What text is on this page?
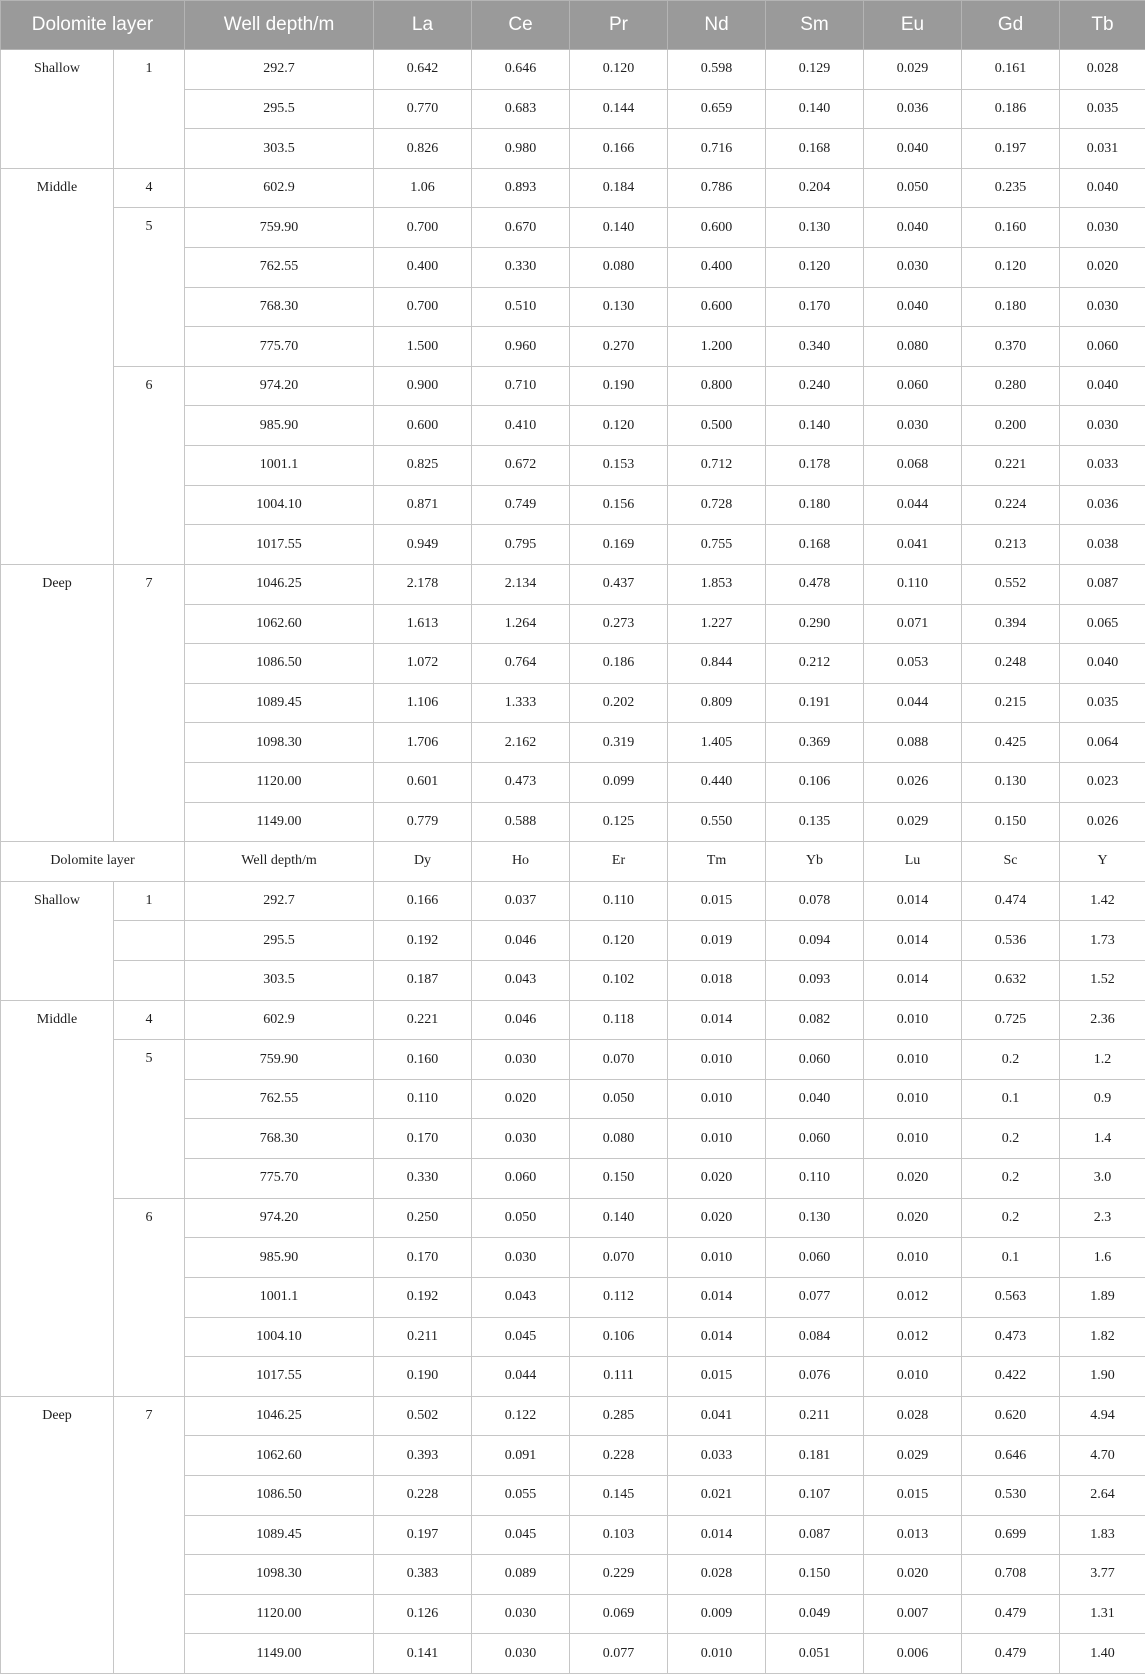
Dolomite layer		Well depth/m	La	Ce	Pr	Nd	Sm	Eu	Gd	Tb
Shallow	1	292.7	0.642	0.646	0.120	0.598	0.129	0.029	0.161	0.028
		295.5	0.770	0.683	0.144	0.659	0.140	0.036	0.186	0.035
		303.5	0.826	0.980	0.166	0.716	0.168	0.040	0.197	0.031
Middle	4	602.9	1.06	0.893	0.184	0.786	0.204	0.050	0.235	0.040
	5	759.90	0.700	0.670	0.140	0.600	0.130	0.040	0.160	0.030
		762.55	0.400	0.330	0.080	0.400	0.120	0.030	0.120	0.020
		768.30	0.700	0.510	0.130	0.600	0.170	0.040	0.180	0.030
		775.70	1.500	0.960	0.270	1.200	0.340	0.080	0.370	0.060
	6	974.20	0.900	0.710	0.190	0.800	0.240	0.060	0.280	0.040
		985.90	0.600	0.410	0.120	0.500	0.140	0.030	0.200	0.030
		1001.1	0.825	0.672	0.153	0.712	0.178	0.068	0.221	0.033
		1004.10	0.871	0.749	0.156	0.728	0.180	0.044	0.224	0.036
		1017.55	0.949	0.795	0.169	0.755	0.168	0.041	0.213	0.038
Deep	7	1046.25	2.178	2.134	0.437	1.853	0.478	0.110	0.552	0.087
		1062.60	1.613	1.264	0.273	1.227	0.290	0.071	0.394	0.065
		1086.50	1.072	0.764	0.186	0.844	0.212	0.053	0.248	0.040
		1089.45	1.106	1.333	0.202	0.809	0.191	0.044	0.215	0.035
		1098.30	1.706	2.162	0.319	1.405	0.369	0.088	0.425	0.064
		1120.00	0.601	0.473	0.099	0.440	0.106	0.026	0.130	0.023
		1149.00	0.779	0.588	0.125	0.550	0.135	0.029	0.150	0.026
Dolomite layer		Well depth/m	Dy	Ho	Er	Tm	Yb	Lu	Sc	Y
Shallow	1	292.7	0.166	0.037	0.110	0.015	0.078	0.014	0.474	1.42
		295.5	0.192	0.046	0.120	0.019	0.094	0.014	0.536	1.73
		303.5	0.187	0.043	0.102	0.018	0.093	0.014	0.632	1.52
Middle	4	602.9	0.221	0.046	0.118	0.014	0.082	0.010	0.725	2.36
	5	759.90	0.160	0.030	0.070	0.010	0.060	0.010	0.2	1.2
		762.55	0.110	0.020	0.050	0.010	0.040	0.010	0.1	0.9
		768.30	0.170	0.030	0.080	0.010	0.060	0.010	0.2	1.4
		775.70	0.330	0.060	0.150	0.020	0.110	0.020	0.2	3.0
	6	974.20	0.250	0.050	0.140	0.020	0.130	0.020	0.2	2.3
		985.90	0.170	0.030	0.070	0.010	0.060	0.010	0.1	1.6
		1001.1	0.192	0.043	0.112	0.014	0.077	0.012	0.563	1.89
		1004.10	0.211	0.045	0.106	0.014	0.084	0.012	0.473	1.82
		1017.55	0.190	0.044	0.111	0.015	0.076	0.010	0.422	1.90
Deep	7	1046.25	0.502	0.122	0.285	0.041	0.211	0.028	0.620	4.94
		1062.60	0.393	0.091	0.228	0.033	0.181	0.029	0.646	4.70
		1086.50	0.228	0.055	0.145	0.021	0.107	0.015	0.530	2.64
		1089.45	0.197	0.045	0.103	0.014	0.087	0.013	0.699	1.83
		1098.30	0.383	0.089	0.229	0.028	0.150	0.020	0.708	3.77
		1120.00	0.126	0.030	0.069	0.009	0.049	0.007	0.479	1.31
		1149.00	0.141	0.030	0.077	0.010	0.051	0.006	0.479	1.40
